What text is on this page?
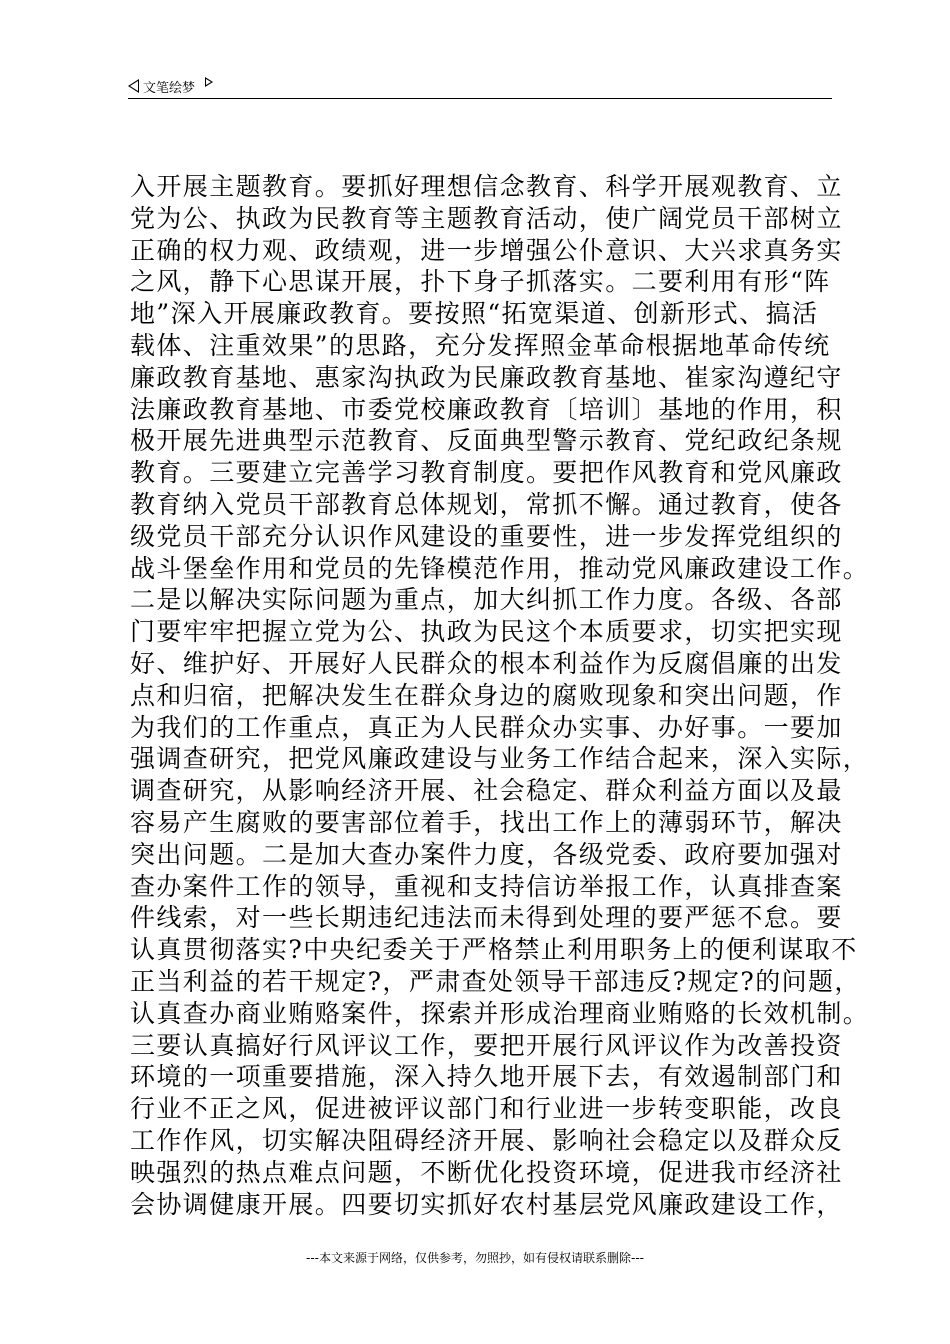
文笔绘梦
入开展主题教育。要抓好理想信念教育、科学开展观教育、立
党为公、执政为民教育等主题教育活动，使广阔党员干部树立
正确的权力观、政绩观，进一步增强公仆意识、大兴求真务实
之风，静下心思谋开展，扑下身子抓落实。二要利用有形“阵
地”深入开展廉政教育。要按照“拓宽渠道、创新形式、搞活
载体、注重效果”的思路，充分发挥照金革命根据地革命传统
廉政教育基地、惠家沟执政为民廉政教育基地、崔家沟遵纪守
法廉政教育基地、市委党校廉政教育〔培训〕基地的作用，积
极开展先进典型示范教育、反面典型警示教育、党纪政纪条规
教育。三要建立完善学习教育制度。要把作风教育和党风廉政
教育纳入党员干部教育总体规划，常抓不懈。通过教育，使各
级党员干部充分认识作风建设的重要性，进一步发挥党组织的
战斗堡垒作用和党员的先锋模范作用，推动党风廉政建设工作。
二是以解决实际问题为重点，加大纠抓工作力度。各级、各部
门要牢牢把握立党为公、执政为民这个本质要求，切实把实现
好、维护好、开展好人民群众的根本利益作为反腐倡廉的出发
点和归宿，把解决发生在群众身边的腐败现象和突出问题，作
为我们的工作重点，真正为人民群众办实事、办好事。一要加
强调查研究，把党风廉政建设与业务工作结合起来，深入实际，
调查研究，从影响经济开展、社会稳定、群众利益方面以及最
容易产生腐败的要害部位着手，找出工作上的薄弱环节，解决
突出问题。二是加大查办案件力度，各级党委、政府要加强对
查办案件工作的领导，重视和支持信访举报工作，认真排查案
件线索，对一些长期违纪违法而未得到处理的要严惩不怠。要
认真贯彻落实?中央纪委关于严格禁止利用职务上的便利谋取不
正当利益的若干规定?，严肃查处领导干部违反?规定?的问题，
认真查办商业贿赂案件，探索并形成治理商业贿赂的长效机制。
三要认真搞好行风评议工作，要把开展行风评议作为改善投资
环境的一项重要措施，深入持久地开展下去，有效遏制部门和
行业不正之风，促进被评议部门和行业进一步转变职能，改良
工作作风，切实解决阻碍经济开展、影响社会稳定以及群众反
映强烈的热点难点问题，不断优化投资环境，促进我市经济社
会协调健康开展。四要切实抓好农村基层党风廉政建设工作，
---本文来源于网络，仅供参考，勿照抄，如有侵权请联系删除---
